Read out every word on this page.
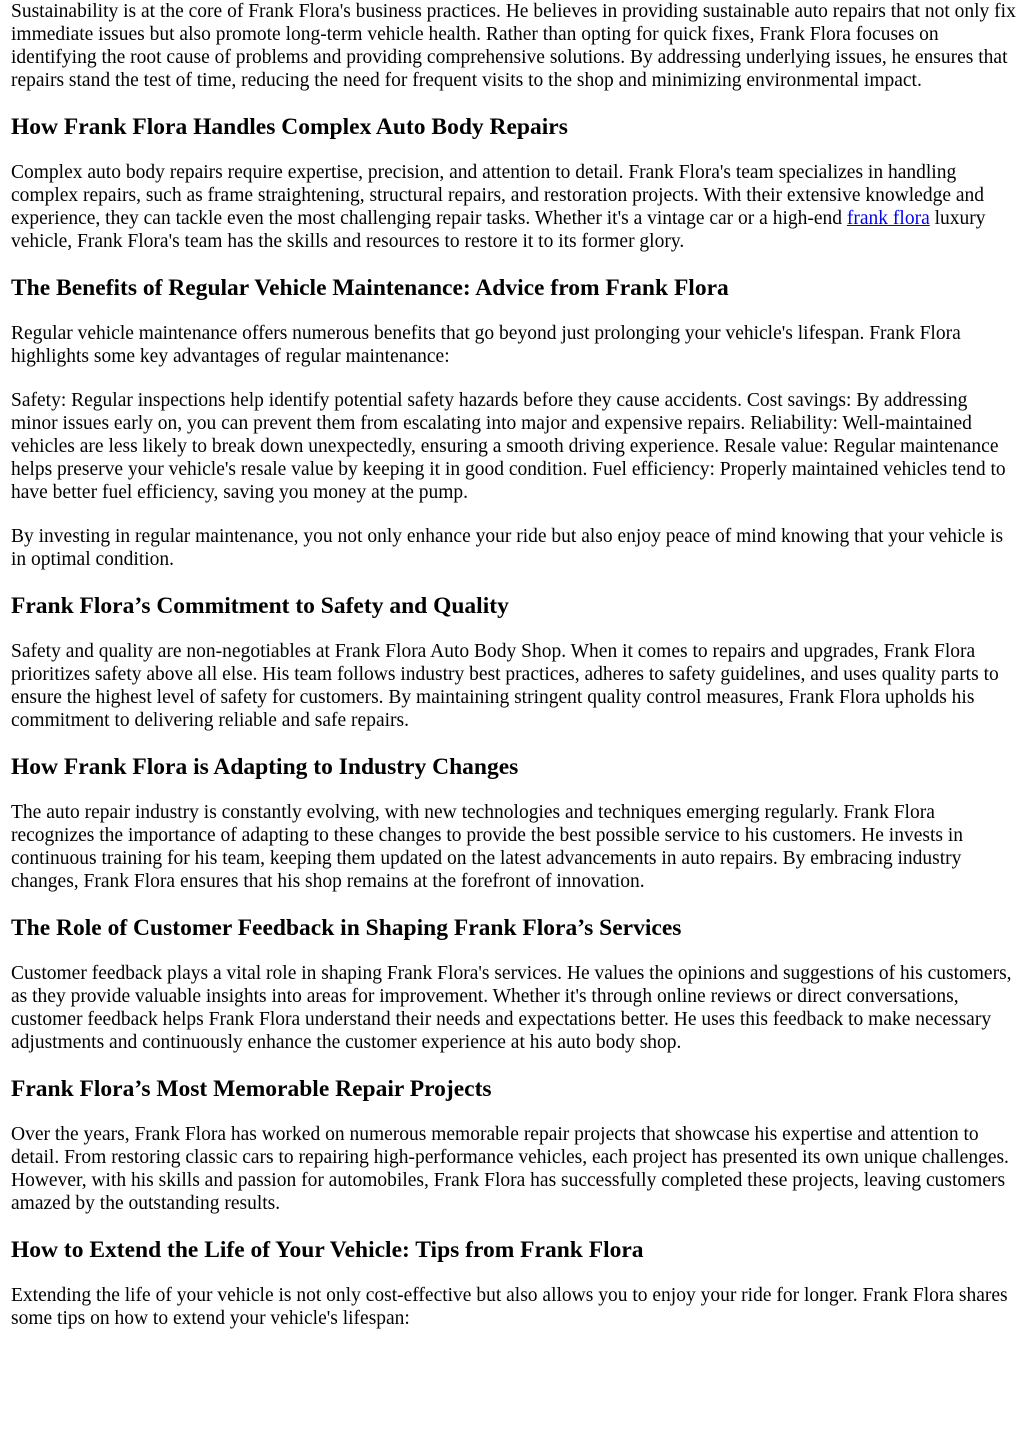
Sustainability is at the core of Frank Flora's business practices. He believes in providing sustainable auto repairs that not only fix immediate issues but also promote long-term vehicle health. Rather than opting for quick fixes, Frank Flora focuses on identifying the root cause of problems and providing comprehensive solutions. By addressing underlying issues, he ensures that repairs stand the test of time, reducing the need for frequent visits to the shop and minimizing environmental impact.

How Frank Flora Handles Complex Auto Body Repairs

Complex auto body repairs require expertise, precision, and attention to detail. Frank Flora's team specializes in handling complex repairs, such as frame straightening, structural repairs, and restoration projects. With their extensive knowledge and experience, they can tackle even the most challenging repair tasks. Whether it's a vintage car or a high-end frank flora luxury vehicle, Frank Flora's team has the skills and resources to restore it to its former glory.

The Benefits of Regular Vehicle Maintenance: Advice from Frank Flora

Regular vehicle maintenance offers numerous benefits that go beyond just prolonging your vehicle's lifespan. Frank Flora highlights some key advantages of regular maintenance:

Safety: Regular inspections help identify potential safety hazards before they cause accidents. Cost savings: By addressing minor issues early on, you can prevent them from escalating into major and expensive repairs. Reliability: Well-maintained vehicles are less likely to break down unexpectedly, ensuring a smooth driving experience. Resale value: Regular maintenance helps preserve your vehicle's resale value by keeping it in good condition. Fuel efficiency: Properly maintained vehicles tend to have better fuel efficiency, saving you money at the pump.

By investing in regular maintenance, you not only enhance your ride but also enjoy peace of mind knowing that your vehicle is in optimal condition.

Frank Flora’s Commitment to Safety and Quality

Safety and quality are non-negotiables at Frank Flora Auto Body Shop. When it comes to repairs and upgrades, Frank Flora prioritizes safety above all else. His team follows industry best practices, adheres to safety guidelines, and uses quality parts to ensure the highest level of safety for customers. By maintaining stringent quality control measures, Frank Flora upholds his commitment to delivering reliable and safe repairs.

How Frank Flora is Adapting to Industry Changes

The auto repair industry is constantly evolving, with new technologies and techniques emerging regularly. Frank Flora recognizes the importance of adapting to these changes to provide the best possible service to his customers. He invests in continuous training for his team, keeping them updated on the latest advancements in auto repairs. By embracing industry changes, Frank Flora ensures that his shop remains at the forefront of innovation.

The Role of Customer Feedback in Shaping Frank Flora’s Services

Customer feedback plays a vital role in shaping Frank Flora's services. He values the opinions and suggestions of his customers, as they provide valuable insights into areas for improvement. Whether it's through online reviews or direct conversations, customer feedback helps Frank Flora understand their needs and expectations better. He uses this feedback to make necessary adjustments and continuously enhance the customer experience at his auto body shop.

Frank Flora’s Most Memorable Repair Projects

Over the years, Frank Flora has worked on numerous memorable repair projects that showcase his expertise and attention to detail. From restoring classic cars to repairing high-performance vehicles, each project has presented its own unique challenges. However, with his skills and passion for automobiles, Frank Flora has successfully completed these projects, leaving customers amazed by the outstanding results.

How to Extend the Life of Your Vehicle: Tips from Frank Flora

Extending the life of your vehicle is not only cost-effective but also allows you to enjoy your ride for longer. Frank Flora shares some tips on how to extend your vehicle's lifespan:
